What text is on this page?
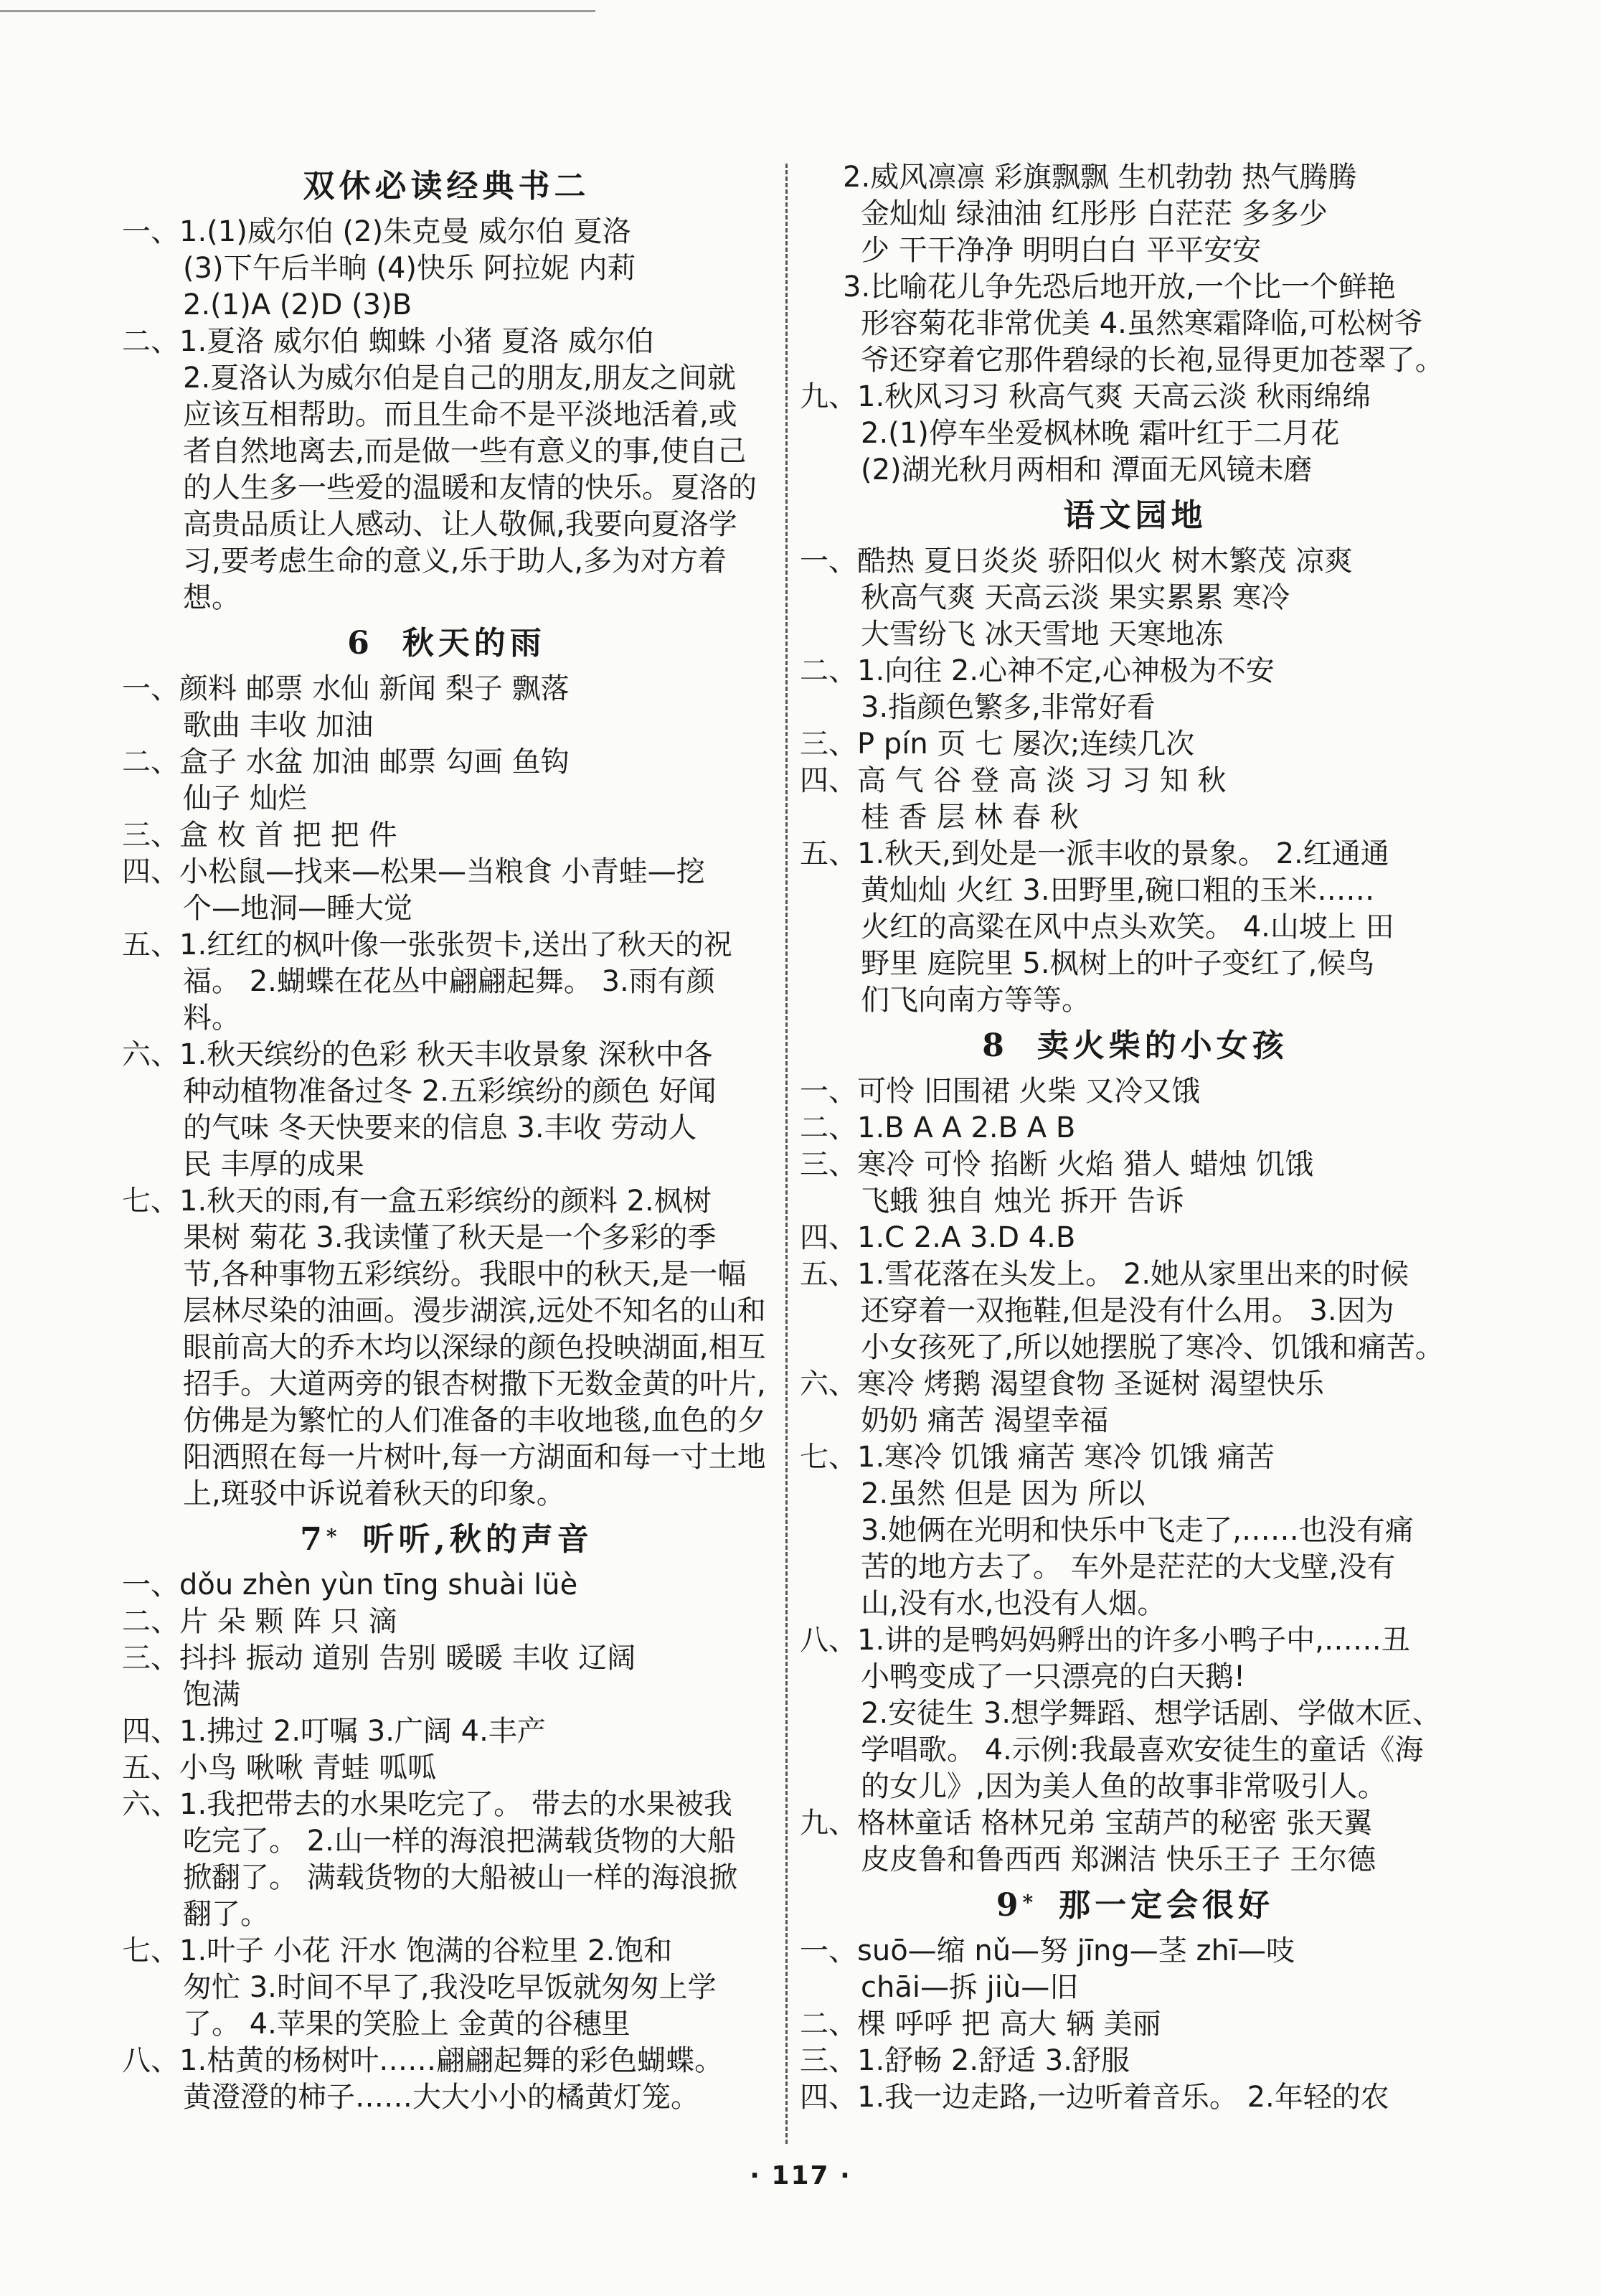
双休必读经典书二
一、1.(1)威尔伯 (2)朱克曼 威尔伯 夏洛
(3)下午后半晌 (4)快乐 阿拉妮 内莉
2.(1)A (2)D (3)B
二、1.夏洛 威尔伯 蜘蛛 小猪 夏洛 威尔伯
2.夏洛认为威尔伯是自己的朋友,朋友之间就
应该互相帮助。而且生命不是平淡地活着,或
者自然地离去,而是做一些有意义的事,使自己
的人生多一些爱的温暖和友情的快乐。夏洛的
高贵品质让人感动、让人敬佩,我要向夏洛学
习,要考虑生命的意义,乐于助人,多为对方着
想。
6 秋天的雨
一、颜料 邮票 水仙 新闻 梨子 飘落
歌曲 丰收 加油
二、盒子 水盆 加油 邮票 勾画 鱼钩
仙子 灿烂
三、盒 枚 首 把 把 件
四、小松鼠—找来—松果—当粮食 小青蛙—挖
个—地洞—睡大觉
五、1.红红的枫叶像一张张贺卡,送出了秋天的祝
福。 2.蝴蝶在花丛中翩翩起舞。 3.雨有颜
料。
六、1.秋天缤纷的色彩 秋天丰收景象 深秋中各
种动植物准备过冬 2.五彩缤纷的颜色 好闻
的气味 冬天快要来的信息 3.丰收 劳动人
民 丰厚的成果
七、1.秋天的雨,有一盒五彩缤纷的颜料 2.枫树
果树 菊花 3.我读懂了秋天是一个多彩的季
节,各种事物五彩缤纷。我眼中的秋天,是一幅
层林尽染的油画。漫步湖滨,远处不知名的山和
眼前高大的乔木均以深绿的颜色投映湖面,相互
招手。大道两旁的银杏树撒下无数金黄的叶片,
仿佛是为繁忙的人们准备的丰收地毯,血色的夕
阳洒照在每一片树叶,每一方湖面和每一寸土地
上,斑驳中诉说着秋天的印象。
7* 听听,秋的声音
一、dǒu zhèn yùn tīng shuài lüè
二、片 朵 颗 阵 只 滴
三、抖抖 振动 道别 告别 暖暖 丰收 辽阔
饱满
四、1.拂过 2.叮嘱 3.广阔 4.丰产
五、小鸟 啾啾 青蛙 呱呱
六、1.我把带去的水果吃完了。 带去的水果被我
吃完了。 2.山一样的海浪把满载货物的大船
掀翻了。 满载货物的大船被山一样的海浪掀
翻了。
七、1.叶子 小花 汗水 饱满的谷粒里 2.饱和
匆忙 3.时间不早了,我没吃早饭就匆匆上学
了。 4.苹果的笑脸上 金黄的谷穗里
八、1.枯黄的杨树叶……翩翩起舞的彩色蝴蝶。
黄澄澄的柿子……大大小小的橘黄灯笼。
2.威风凛凛 彩旗飘飘 生机勃勃 热气腾腾
金灿灿 绿油油 红彤彤 白茫茫 多多少
少 干干净净 明明白白 平平安安
3.比喻花儿争先恐后地开放,一个比一个鲜艳
形容菊花非常优美 4.虽然寒霜降临,可松树爷
爷还穿着它那件碧绿的长袍,显得更加苍翠了。
九、1.秋风习习 秋高气爽 天高云淡 秋雨绵绵
2.(1)停车坐爱枫林晚 霜叶红于二月花
(2)湖光秋月两相和 潭面无风镜未磨
语文园地
一、酷热 夏日炎炎 骄阳似火 树木繁茂 凉爽
秋高气爽 天高云淡 果实累累 寒冷
大雪纷飞 冰天雪地 天寒地冻
二、1.向往 2.心神不定,心神极为不安
3.指颜色繁多,非常好看
三、P pín 页 七 屡次;连续几次
四、高 气 谷 登 高 淡 习 习 知 秋
桂 香 层 林 春 秋
五、1.秋天,到处是一派丰收的景象。 2.红通通
黄灿灿 火红 3.田野里,碗口粗的玉米……
火红的高粱在风中点头欢笑。 4.山坡上 田
野里 庭院里 5.枫树上的叶子变红了,候鸟
们飞向南方等等。
8 卖火柴的小女孩
一、可怜 旧围裙 火柴 又冷又饿
二、1.B A A 2.B A B
三、寒冷 可怜 掐断 火焰 猎人 蜡烛 饥饿
飞蛾 独自 烛光 拆开 告诉
四、1.C 2.A 3.D 4.B
五、1.雪花落在头发上。 2.她从家里出来的时候
还穿着一双拖鞋,但是没有什么用。 3.因为
小女孩死了,所以她摆脱了寒冷、饥饿和痛苦。
六、寒冷 烤鹅 渴望食物 圣诞树 渴望快乐
奶奶 痛苦 渴望幸福
七、1.寒冷 饥饿 痛苦 寒冷 饥饿 痛苦
2.虽然 但是 因为 所以
3.她俩在光明和快乐中飞走了,……也没有痛
苦的地方去了。 车外是茫茫的大戈壁,没有
山,没有水,也没有人烟。
八、1.讲的是鸭妈妈孵出的许多小鸭子中,……丑
小鸭变成了一只漂亮的白天鹅!
2.安徒生 3.想学舞蹈、想学话剧、学做木匠、
学唱歌。 4.示例:我最喜欢安徒生的童话《海
的女儿》,因为美人鱼的故事非常吸引人。
九、格林童话 格林兄弟 宝葫芦的秘密 张天翼
皮皮鲁和鲁西西 郑渊洁 快乐王子 王尔德
9* 那一定会很好
一、suō—缩 nǔ—努 jīng—茎 zhī—吱
chāi—拆 jiù—旧
二、棵 呼呼 把 高大 辆 美丽
三、1.舒畅 2.舒适 3.舒服
四、1.我一边走路,一边听着音乐。 2.年轻的农
· 117 ·
